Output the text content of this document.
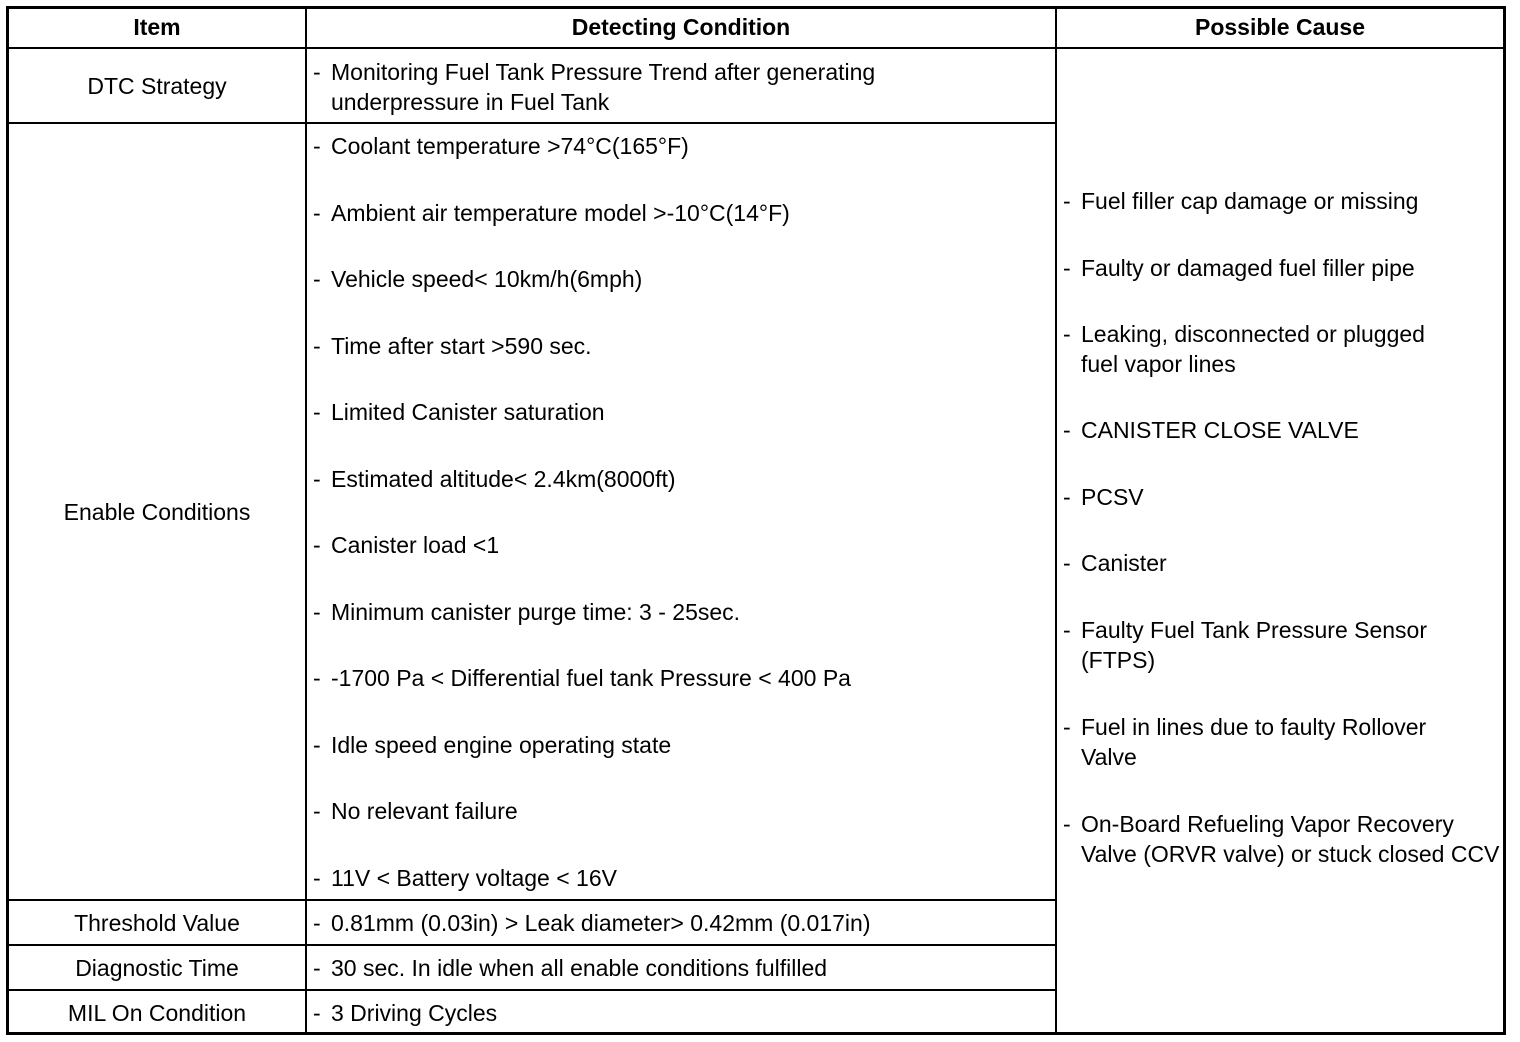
Item	Detecting Condition	Possible Cause
DTC Strategy
Enable Conditions
Threshold Value
Diagnostic Time
MIL On Condition
- Monitoring Fuel Tank Pressure Trend after generating underpressure in Fuel Tank
- Coolant temperature >74°C(165°F)
- Ambient air temperature model >-10°C(14°F)
- Vehicle speed< 10km/h(6mph)
- Time after start >590 sec.
- Limited Canister saturation
- Estimated altitude< 2.4km(8000ft)
- Canister load <1
- Minimum canister purge time: 3 - 25sec.
- -1700 Pa < Differential fuel tank Pressure < 400 Pa
- Idle speed engine operating state
- No relevant failure
- 11V < Battery voltage < 16V
- 0.81mm (0.03in) > Leak diameter> 0.42mm (0.017in)
- 30 sec. In idle when all enable conditions fulfilled
- 3 Driving Cycles
- Fuel filler cap damage or missing
- Faulty or damaged fuel filler pipe
- Leaking, disconnected or plugged fuel vapor lines
- CANISTER CLOSE VALVE
- PCSV
- Canister
- Faulty Fuel Tank Pressure Sensor (FTPS)
- Fuel in lines due to faulty Rollover Valve
- On-Board Refueling Vapor Recovery Valve (ORVR valve) or stuck closed CCV
